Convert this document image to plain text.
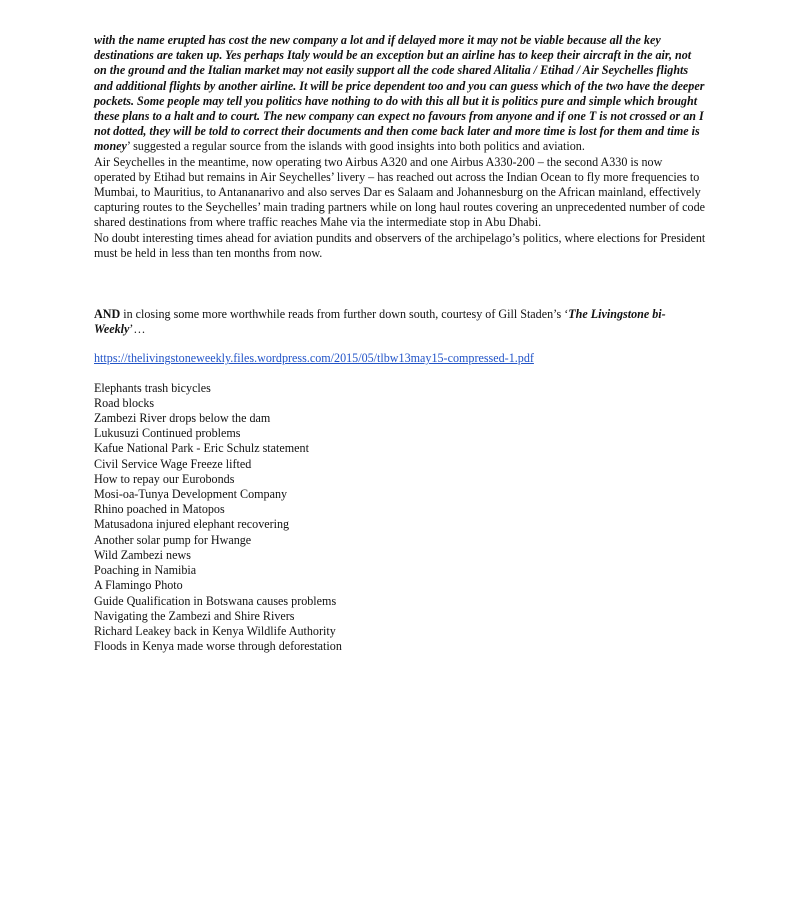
with the name erupted has cost the new company a lot and if delayed more it may not be viable because all the key destinations are taken up. Yes perhaps Italy would be an exception but an airline has to keep their aircraft in the air, not on the ground and the Italian market may not easily support all the code shared Alitalia / Etihad / Air Seychelles flights and additional flights by another airline. It will be price dependent too and you can guess which of the two have the deeper pockets. Some people may tell you politics have nothing to do with this all but it is politics pure and simple which brought these plans to a halt and to court. The new company can expect no favours from anyone and if one T is not crossed or an I not dotted, they will be told to correct their documents and then come back later and more time is lost for them and time is money’ suggested a regular source from the islands with good insights into both politics and aviation.

Air Seychelles in the meantime, now operating two Airbus A320 and one Airbus A330-200 – the second A330 is now operated by Etihad but remains in Air Seychelles’ livery – has reached out across the Indian Ocean to fly more frequencies to Mumbai, to Mauritius, to Antananarivo and also serves Dar es Salaam and Johannesburg on the African mainland, effectively capturing routes to the Seychelles’ main trading partners while on long haul routes covering an unprecedented number of code shared destinations from where traffic reaches Mahe via the intermediate stop in Abu Dhabi.

No doubt interesting times ahead for aviation pundits and observers of the archipelago’s politics, where elections for President must be held in less than ten months from now.

AND in closing some more worthwhile reads from further down south, courtesy of Gill Staden’s ‘The Livingstone bi-Weekly’…

https://thelivingstoneweekly.files.wordpress.com/2015/05/tlbw13may15-compressed-1.pdf

Elephants trash bicycles
Road blocks
Zambezi River drops below the dam
Lukusuzi Continued problems
Kafue National Park - Eric Schulz statement
Civil Service Wage Freeze lifted
How to repay our Eurobonds
Mosi-oa-Tunya Development Company
Rhino poached in Matopos
Matusadona injured elephant recovering
Another solar pump for Hwange
Wild Zambezi news
Poaching in Namibia
A Flamingo Photo
Guide Qualification in Botswana causes problems
Navigating the Zambezi and Shire Rivers
Richard Leakey back in Kenya Wildlife Authority
Floods in Kenya made worse through deforestation
